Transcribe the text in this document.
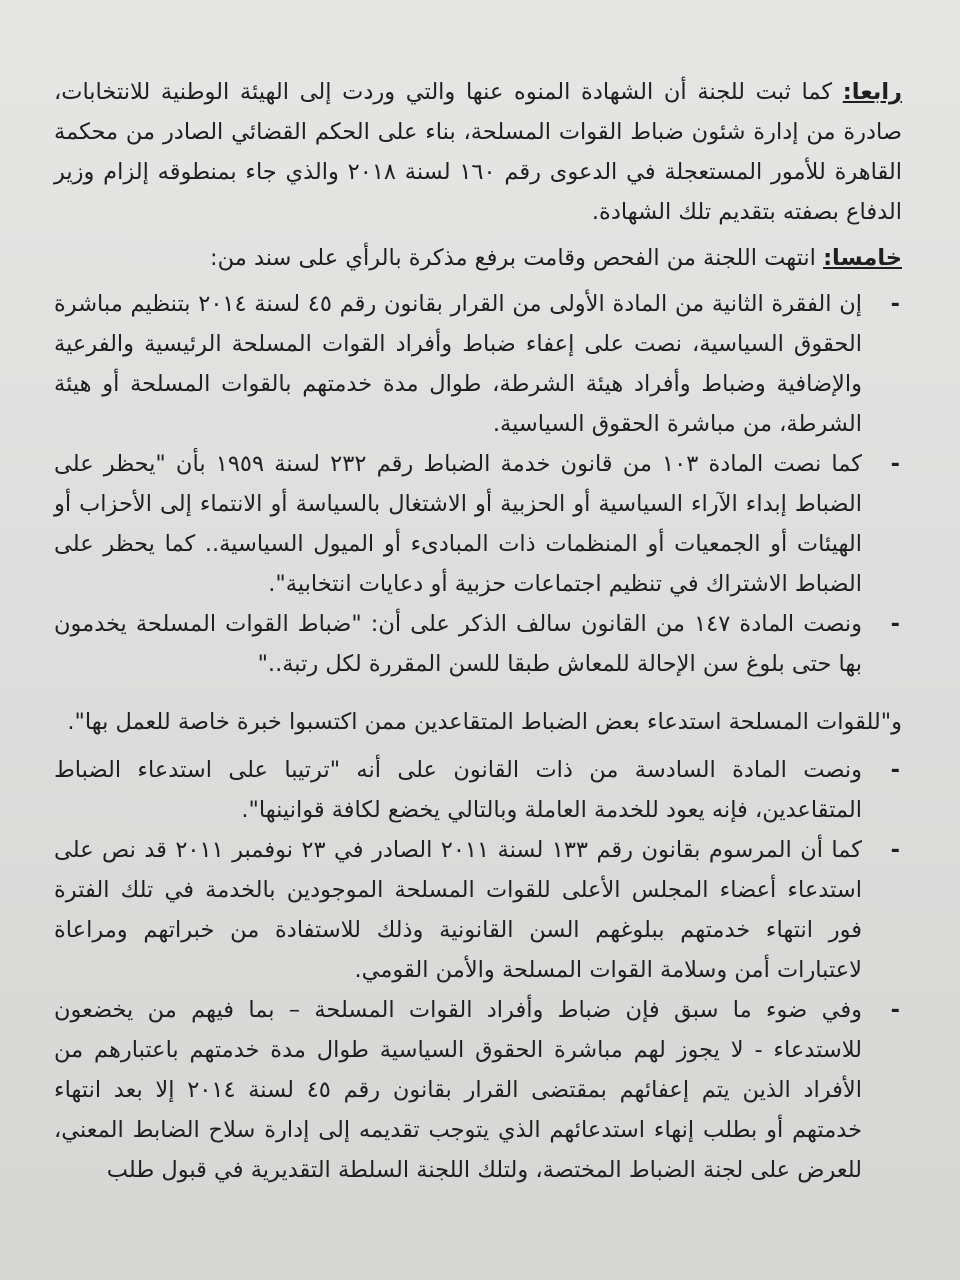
رابعا: كما ثبت للجنة أن الشهادة المنوه عنها والتي وردت إلى الهيئة الوطنية للانتخابات، صادرة من إدارة شئون ضباط القوات المسلحة، بناء على الحكم القضائي الصادر من محكمة القاهرة للأمور المستعجلة في الدعوى رقم ١٦٠ لسنة ٢٠١٨ والذي جاء بمنطوقه إلزام وزير الدفاع بصفته بتقديم تلك الشهادة.

خامسا: انتهت اللجنة من الفحص وقامت برفع مذكرة بالرأي على سند من:

-
إن الفقرة الثانية من المادة الأولى من القرار بقانون رقم ٤٥ لسنة ٢٠١٤ بتنظيم مباشرة الحقوق السياسية، نصت على إعفاء ضباط وأفراد القوات المسلحة الرئيسية والفرعية والإضافية وضباط وأفراد هيئة الشرطة، طوال مدة خدمتهم بالقوات المسلحة أو هيئة الشرطة، من مباشرة الحقوق السياسية.

-
كما نصت المادة ١٠٣ من قانون خدمة الضباط رقم ٢٣٢ لسنة ١٩٥٩ بأن "يحظر على الضباط إبداء الآراء السياسية أو الحزبية أو الاشتغال بالسياسة أو الانتماء إلى الأحزاب أو الهيئات أو الجمعيات أو المنظمات ذات المبادىء أو الميول السياسية.. كما يحظر على الضباط الاشتراك في تنظيم اجتماعات حزبية أو دعايات انتخابية".

-
ونصت المادة ١٤٧ من القانون سالف الذكر على أن: "ضباط القوات المسلحة يخدمون بها حتى بلوغ سن الإحالة للمعاش طبقا للسن المقررة لكل رتبة.."

و"للقوات المسلحة استدعاء بعض الضباط المتقاعدين ممن اكتسبوا خبرة خاصة للعمل بها".

-
ونصت المادة السادسة من ذات القانون على أنه "ترتيبا على استدعاء الضباط المتقاعدين، فإنه يعود للخدمة العاملة وبالتالي يخضع لكافة قوانينها".

-
كما أن المرسوم بقانون رقم ١٣٣ لسنة ٢٠١١ الصادر في ٢٣ نوفمبر ٢٠١١ قد نص على استدعاء أعضاء المجلس الأعلى للقوات المسلحة الموجودين بالخدمة في تلك الفترة فور انتهاء خدمتهم ببلوغهم السن القانونية وذلك للاستفادة من خبراتهم ومراعاة لاعتبارات أمن وسلامة القوات المسلحة والأمن القومي.

-
وفي ضوء ما سبق فإن ضباط وأفراد القوات المسلحة – بما فيهم من يخضعون للاستدعاء - لا يجوز لهم مباشرة الحقوق السياسية طوال مدة خدمتهم باعتبارهم من الأفراد الذين يتم إعفائهم بمقتضى القرار بقانون رقم ٤٥ لسنة ٢٠١٤ إلا بعد انتهاء خدمتهم أو بطلب إنهاء استدعائهم الذي يتوجب تقديمه إلى إدارة سلاح الضابط المعني، للعرض على لجنة الضباط المختصة، ولتلك اللجنة السلطة التقديرية في قبول طلب
